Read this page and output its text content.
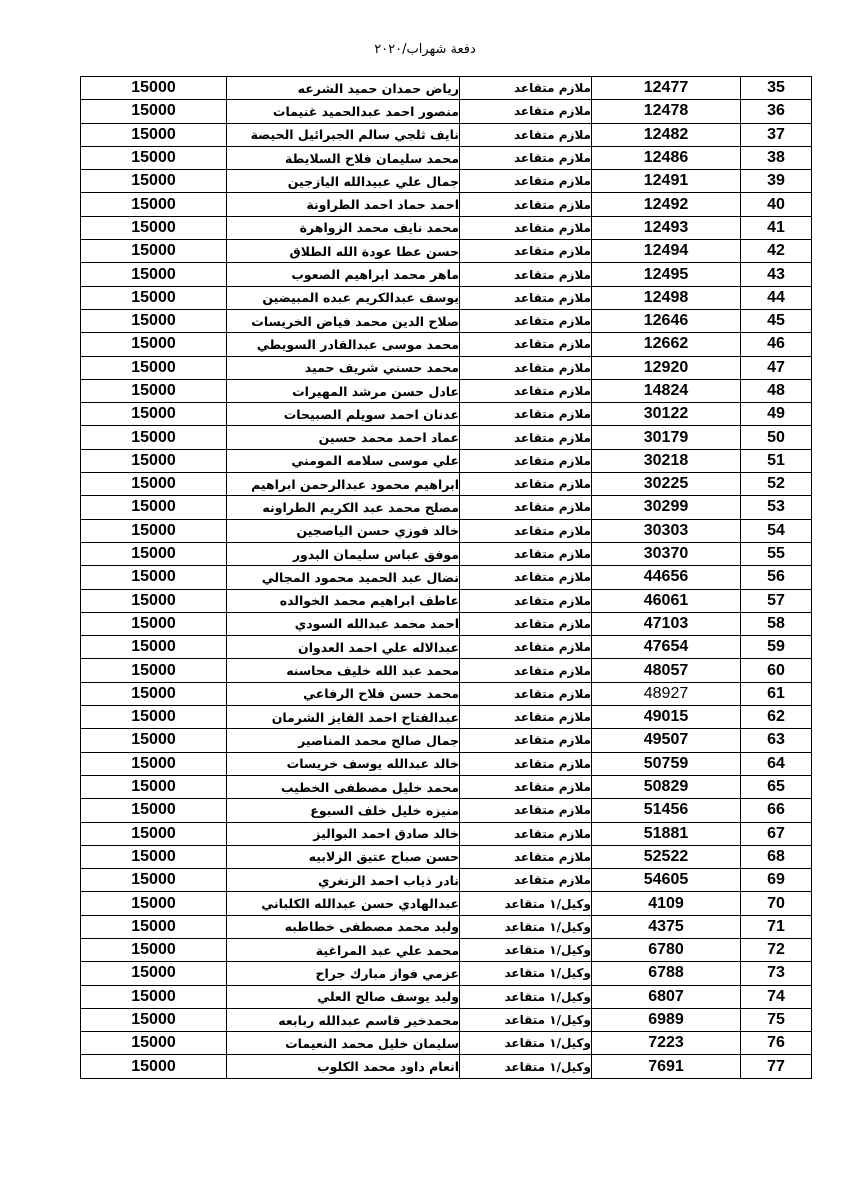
دفعة شهراب/٢٠٢٠
15000	رياض حمدان حميد الشرعه	ملازم متقاعد	12477	35
15000	منصور احمد عبدالحميد غنيمات	ملازم متقاعد	12478	36
15000	نايف ثلجي سالم الجبرائيل الحيصة	ملازم متقاعد	12482	37
15000	محمد سليمان فلاح السلايطة	ملازم متقاعد	12486	38
15000	جمال علي عبيدالله اليازجين	ملازم متقاعد	12491	39
15000	احمد حماد احمد الطراونة	ملازم متقاعد	12492	40
15000	محمد نايف محمد الزواهرة	ملازم متقاعد	12493	41
15000	حسن عطا عودة الله الطلاق	ملازم متقاعد	12494	42
15000	ماهر محمد ابراهيم الصعوب	ملازم متقاعد	12495	43
15000	يوسف عبدالكريم عبده المبيضين	ملازم متقاعد	12498	44
15000	صلاح الدين محمد فياض الخريسات	ملازم متقاعد	12646	45
15000	محمد موسى عبدالقادر السويطي	ملازم متقاعد	12662	46
15000	محمد حسني شريف حميد	ملازم متقاعد	12920	47
15000	عادل حسن مرشد المهيرات	ملازم متقاعد	14824	48
15000	عدنان احمد سويلم الصبيحات	ملازم متقاعد	30122	49
15000	عماد احمد محمد حسين	ملازم متقاعد	30179	50
15000	علي موسى سلامه المومني	ملازم متقاعد	30218	51
15000	ابراهيم محمود عبدالرحمن ابراهيم	ملازم متقاعد	30225	52
15000	مصلح محمد عبد الكريم الطراونه	ملازم متقاعد	30299	53
15000	خالد فوزي حسن الياصجين	ملازم متقاعد	30303	54
15000	موفق عباس سليمان البدور	ملازم متقاعد	30370	55
15000	نضال عبد الحميد محمود المجالي	ملازم متقاعد	44656	56
15000	عاطف ابراهيم محمد الخوالده	ملازم متقاعد	46061	57
15000	احمد محمد عبدالله السودي	ملازم متقاعد	47103	58
15000	عبدالاله علي احمد العدوان	ملازم متقاعد	47654	59
15000	محمد عبد الله خليف محاسنه	ملازم متقاعد	48057	60
15000	محمد حسن فلاح الرفاعي	ملازم متقاعد	48927	61
15000	عبدالفتاح احمد الفايز الشرمان	ملازم متقاعد	49015	62
15000	جمال صالح محمد المناصير	ملازم متقاعد	49507	63
15000	خالد عبدالله يوسف خريسات	ملازم متقاعد	50759	64
15000	محمد خليل مصطفى الخطيب	ملازم متقاعد	50829	65
15000	منيزه خليل خلف السبوع	ملازم متقاعد	51456	66
15000	خالد صادق احمد البواليز	ملازم متقاعد	51881	67
15000	حسن صباح عتيق الزلابيه	ملازم متقاعد	52522	68
15000	نادر ذياب احمد الزنغري	ملازم متقاعد	54605	69
15000	عبدالهادي حسن عبدالله الكلباني	وكيل/١ متقاعد	4109	70
15000	وليد محمد مصطفى خطاطبه	وكيل/١ متقاعد	4375	71
15000	محمد علي عبد المراغية	وكيل/١ متقاعد	6780	72
15000	عزمي فواز مبارك جراح	وكيل/١ متقاعد	6788	73
15000	وليد يوسف صالح العلي	وكيل/١ متقاعد	6807	74
15000	محمدخير قاسم عبدالله ربابعه	وكيل/١ متقاعد	6989	75
15000	سليمان خليل محمد النعيمات	وكيل/١ متقاعد	7223	76
15000	انعام داود محمد الكلوب	وكيل/١ متقاعد	7691	77
